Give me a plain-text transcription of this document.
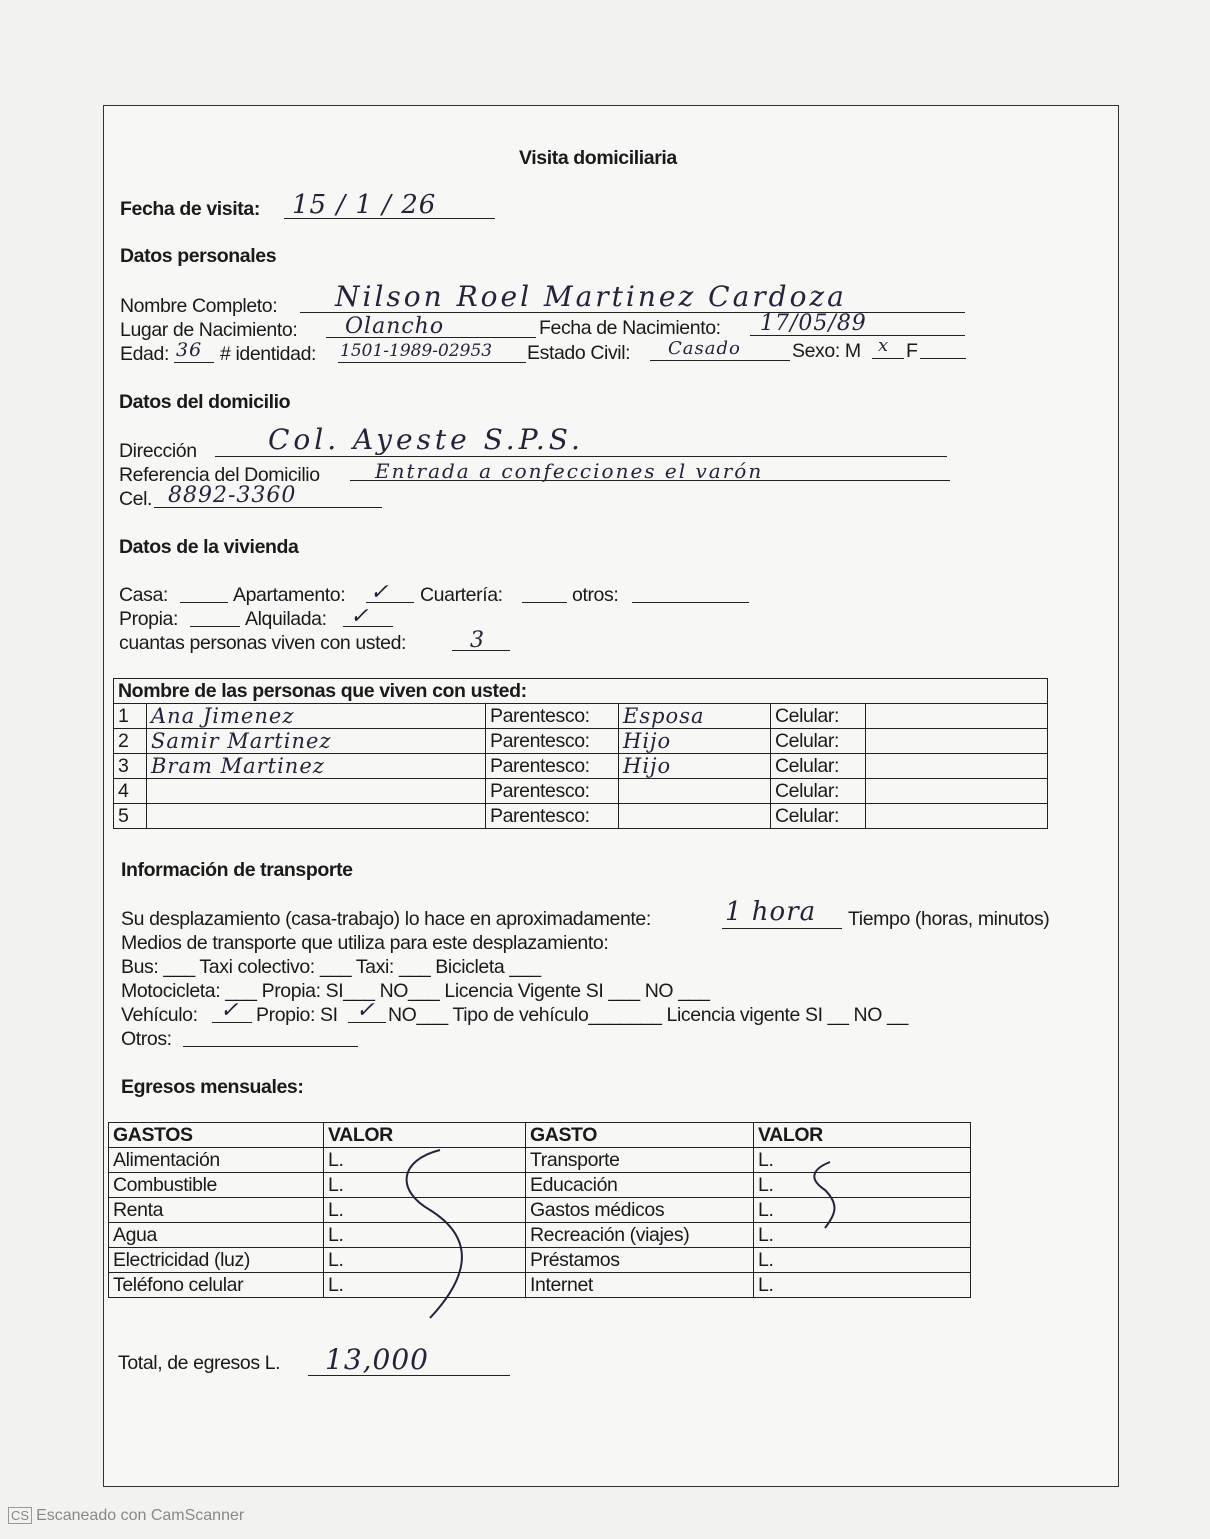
Visita domiciliaria
Fecha de visita: 15 / 1 / 26
Datos personales
Nombre Completo: Nilson Roel Martinez Cardoza
Lugar de Nacimiento: Olancho	Fecha de Nacimiento: 17/05/89
Edad: 36 # identidad: 1501-1989-02953 Estado Civil: Casado	Sexo: M x F
Datos del domicilio
Dirección	Col. Ayeste S.P.S.
Referencia del Domicilio	Entrada a confecciones el varón
Cel. 8892-3360
Datos de la vivienda
Casa:	Apartamento: ✓ Cuartería:	otros:
Propia:	Alquilada: ✓
cuantas personas viven con usted:	3
Nombre de las personas que viven con usted:					
1	Ana Jimenez	Parentesco:	Esposa	Celular:	
2	Samir Martinez	Parentesco:	Hijo	Celular:	
3	Bram Martinez	Parentesco:	Hijo	Celular:	
4		Parentesco:		Celular:	
5		Parentesco:		Celular:	
Información de transporte
Su desplazamiento (casa-trabajo) lo hace en aproximadamente:	1 hora Tiempo (horas, minutos)
Medios de transporte que utiliza para este desplazamiento:
Bus: ___ Taxi colectivo: ___ Taxi: ___ Bicicleta ___
Motocicleta: ___ Propia: SI___ NO___ Licencia Vigente SI ___ NO ___
Vehículo: ✓ Propio: SI ✓ NO___ Tipo de vehículo_______ Licencia vigente SI __ NO __
Otros:
Egresos mensuales:
GASTOS	VALOR	GASTO	VALOR
Alimentación	L.	Transporte	L.
Combustible	L.	Educación	L.
Renta	L.	Gastos médicos	L.
Agua	L.	Recreación (viajes)	L.
Electricidad (luz)	L.	Préstamos	L.
Teléfono celular	L.	Internet	L.
Total, de egresos L. 13,000
CS Escaneado con CamScanner
